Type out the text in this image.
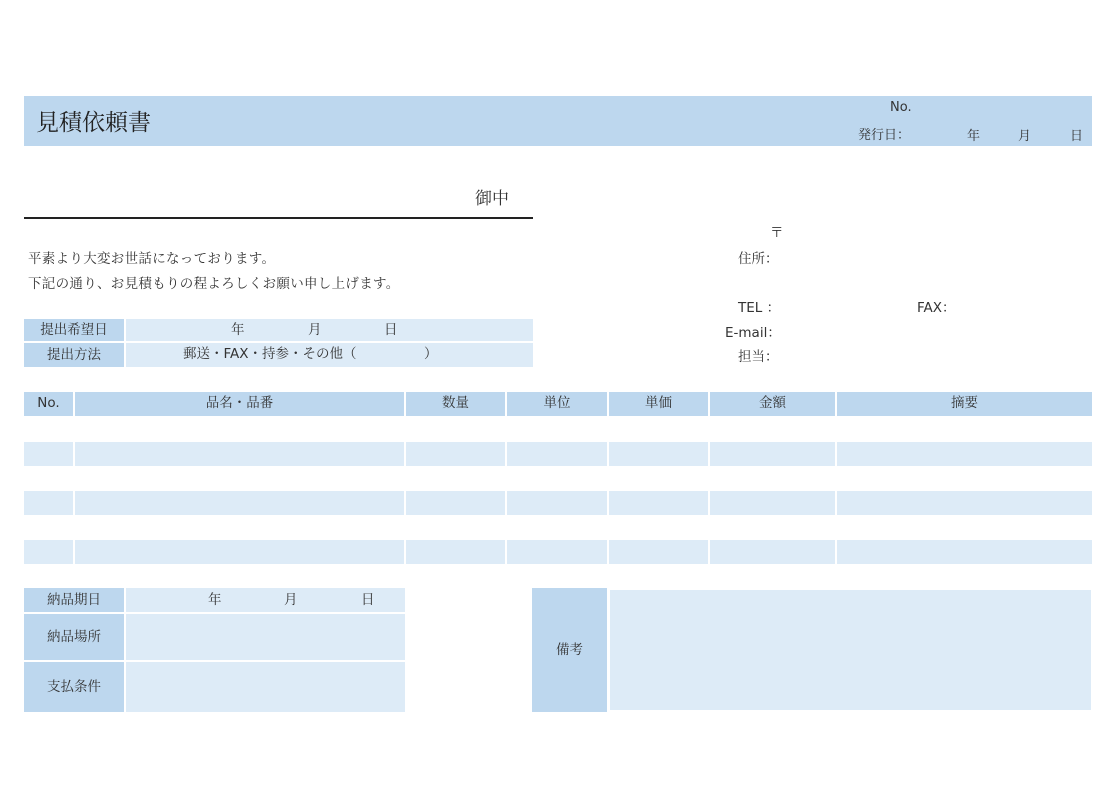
見積依頼書
No.
発行日：	年	月	日
御中
平素より大変お世話になっております。
下記の通り、お見積もりの程よろしくお願い申し上げます。
提出希望日	年	月	日
提出方法	郵送・FAX・持参・その他（　　　　　）
〒
住所：
TEL ：	FAX：
E-mail：
担当：
No.	品名・品番	数量	単位	単価	金額	摘要
納品期日	年	月	日
納品場所
支払条件
備考
